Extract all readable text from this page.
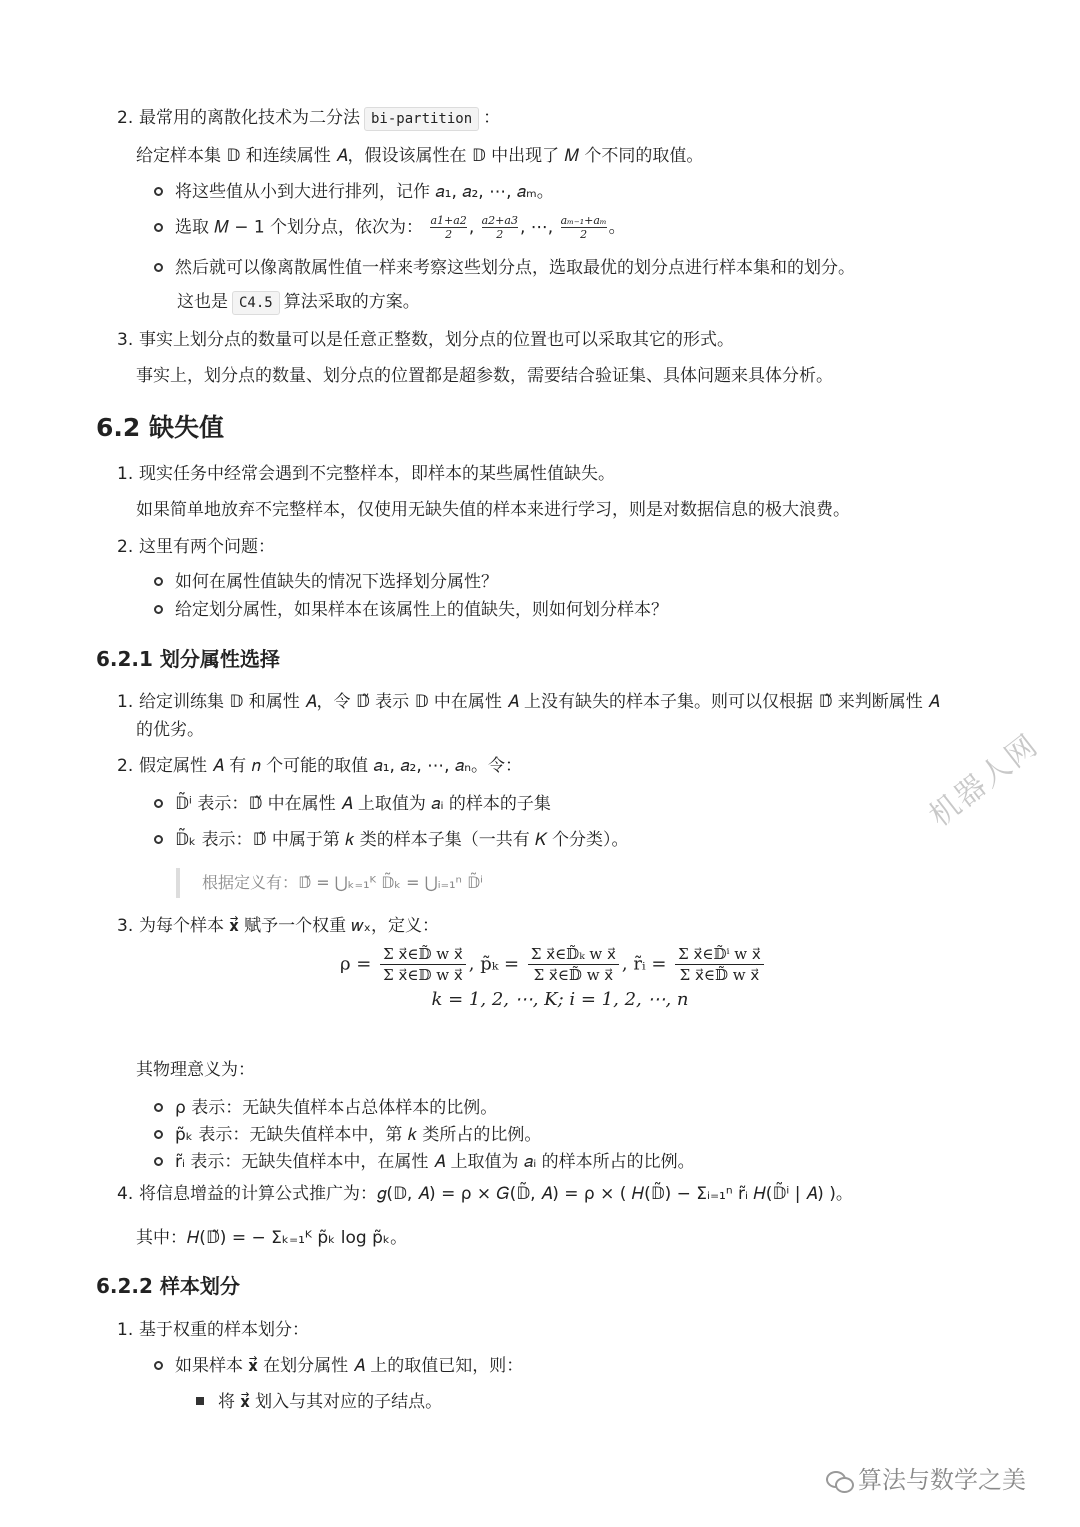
2. 最常用的离散化技术为二分法 bi-partition ：
给定样本集 𝔻 和连续属性 𝐴，假设该属性在 𝔻 中出现了 𝑀 个不同的取值。
将这些值从小到大进行排列，记作 𝑎₁, 𝑎₂, ⋯, 𝑎ₘ。
选取 𝑀 − 1 个划分点，依次为： $\frac{a1+a2}{2}$ , $\frac{a2+a3}{2}$ , ⋯, $\frac{\text{aₘ₋₁+aₘ}}{2}$ 。
然后就可以像离散属性值一样来考察这些划分点，选取最优的划分点进行样本集和的划分。
这也是 C4.5 算法采取的方案。
3. 事实上划分点的数量可以是任意正整数，划分点的位置也可以采取其它的形式。
事实上，划分点的数量、划分点的位置都是超参数，需要结合验证集、具体问题来具体分析。
6.2 缺失值
1. 现实任务中经常会遇到不完整样本，即样本的某些属性值缺失。
如果简单地放弃不完整样本，仅使用无缺失值的样本来进行学习，则是对数据信息的极大浪费。
2. 这里有两个问题：
如何在属性值缺失的情况下选择划分属性？
给定划分属性，如果样本在该属性上的值缺失，则如何划分样本？
6.2.1 划分属性选择
1. 给定训练集 𝔻 和属性 𝐴，令 𝔻̃ 表示 𝔻 中在属性 𝐴 上没有缺失的样本子集。则可以仅根据 𝔻̃ 来判断属性 𝐴
的优劣。
2. 假定属性 𝐴 有 𝑛 个可能的取值 𝑎₁, 𝑎₂, ⋯, 𝑎ₙ。令：
𝔻̃ⁱ 表示：𝔻̃ 中在属性 𝐴 上取值为 𝑎ᵢ 的样本的子集
𝔻̃ₖ 表示：𝔻̃ 中属于第 𝑘 类的样本子集（一共有 𝐾 个分类）。
根据定义有：𝔻̃ = ⋃ₖ₌₁ᴷ 𝔻̃ₖ = ⋃ᵢ₌₁ⁿ 𝔻̃ⁱ
3. 为每个样本 𝐱⃗ 赋予一个权重 𝑤ₓ，定义：
$\rho = \frac{\text{Σ x⃗∈𝔻̃ w x⃗}}{\text{Σ x⃗∈𝔻 w x⃗}}$ , p̃ₖ = $\frac{\text{Σ x⃗∈𝔻̃ₖ w x⃗}}{\text{Σ x⃗∈𝔻̃ w x⃗}}$ , r̃ᵢ = $\frac{\text{Σ x⃗∈𝔻̃ⁱ w x⃗}}{\text{Σ x⃗∈𝔻̃ w x⃗}}$
k = 1, 2, ⋯, K; i = 1, 2, ⋯, n
其物理意义为：
ρ 表示：无缺失值样本占总体样本的比例。
p̃ₖ 表示：无缺失值样本中，第 𝑘 类所占的比例。
r̃ᵢ 表示：无缺失值样本中，在属性 𝐴 上取值为 𝑎ᵢ 的样本所占的比例。
4. 将信息增益的计算公式推广为：𝑔(𝔻, 𝐴) = ρ × 𝐺(𝔻̃, 𝐴) = ρ × ( 𝐻(𝔻̃) − Σᵢ₌₁ⁿ r̃ᵢ 𝐻(𝔻̃ⁱ | 𝐴) )。
其中：𝐻(𝔻̃) = − Σₖ₌₁ᴷ p̃ₖ log p̃ₖ。
6.2.2 样本划分
1. 基于权重的样本划分：
如果样本 𝐱⃗ 在划分属性 𝐴 上的取值已知，则：
将 𝐱⃗ 划入与其对应的子结点。
机器人网
算法与数学之美
